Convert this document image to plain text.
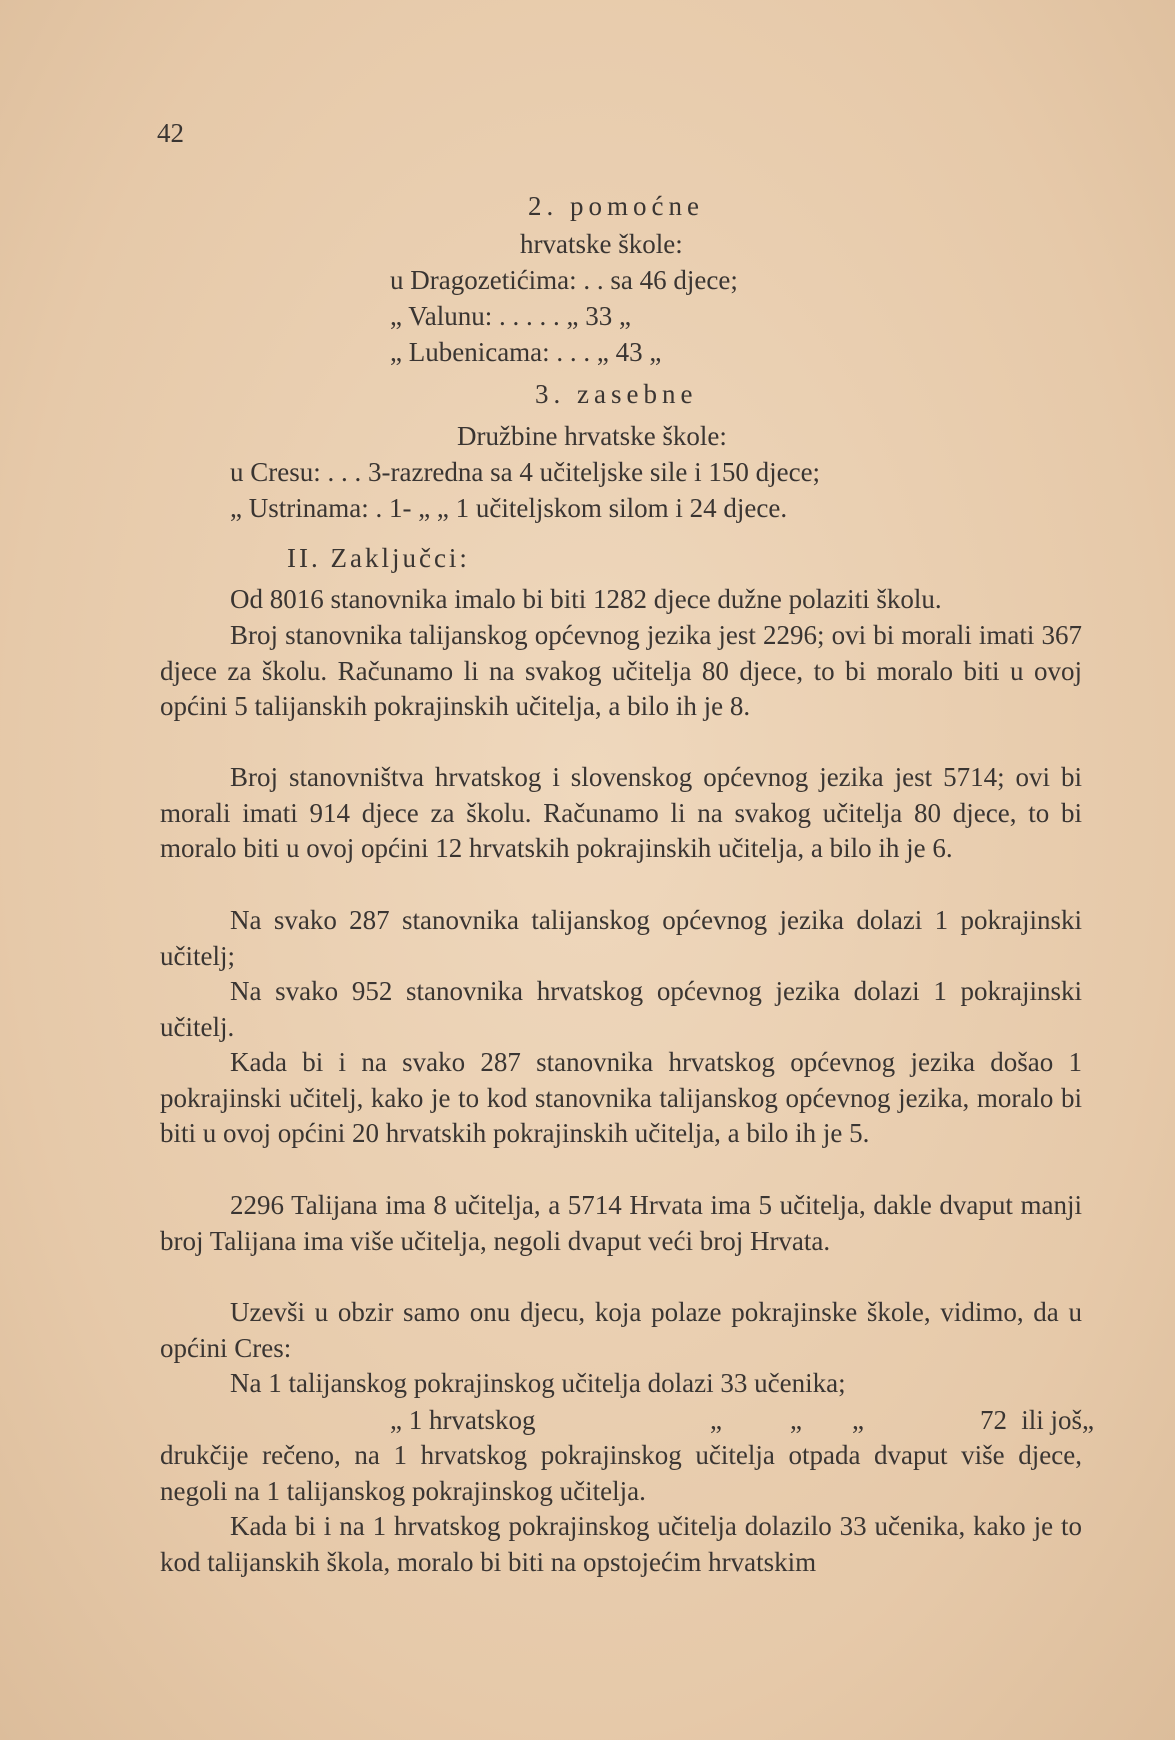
42
2. pomoćne
hrvatske škole:
u Dragozetićima: . . sa 46 djece;
„ Valunu: . . . . . „ 33 „
„ Lubenicama: . . . „ 43 „
3. zasebne
Družbine hrvatske škole:
u Cresu: . . . 3-razredna sa 4 učiteljske sile i 150 djece;
„ Ustrinama: . 1- „ „ 1 učiteljskom silom i 24 djece.
II. Zaključci:

Od 8016 stanovnika imalo bi biti 1282 djece dužne polaziti školu.

Broj stanovnika talijanskog općevnog jezika jest 2296; ovi bi morali imati 367 djece za školu. Računamo li na svakog učitelja 80 djece, to bi moralo biti u ovoj općini 5 talijanskih pokrajinskih učitelja, a bilo ih je 8.

Broj stanovništva hrvatskog i slovenskog općevnog jezika jest 5714; ovi bi morali imati 914 djece za školu. Računamo li na svakog učitelja 80 djece, to bi moralo biti u ovoj općini 12 hrvatskih pokrajinskih učitelja, a bilo ih je 6.

Na svako 287 stanovnika talijanskog općevnog jezika dolazi 1 pokrajinski učitelj;

Na svako 952 stanovnika hrvatskog općevnog jezika dolazi 1 pokrajinski učitelj.

Kada bi i na svako 287 stanovnika hrvatskog općevnog jezika došao 1 pokrajinski učitelj, kako je to kod stanovnika talijanskog općevnog jezika, moralo bi biti u ovoj općini 20 hrvatskih pokrajinskih učitelja, a bilo ih je 5.

2296 Talijana ima 8 učitelja, a 5714 Hrvata ima 5 učitelja, dakle dvaput manji broj Talijana ima više učitelja, negoli dvaput veći broj Hrvata.

Uzevši u obzir samo onu djecu, koja polaze pokrajinske škole, vidimo, da u općini Cres:

Na 1 talijanskog pokrajinskog učitelja dolazi 33 učenika;

„ 1 hrvatskog	„	„ „	72	„
ili još

drukčije rečeno, na 1 hrvatskog pokrajinskog učitelja otpada dvaput više djece, negoli na 1 talijanskog pokrajinskog učitelja.

Kada bi i na 1 hrvatskog pokrajinskog učitelja dolazilo 33 učenika, kako je to kod talijanskih škola, moralo bi biti na opstojećim hrvatskim
